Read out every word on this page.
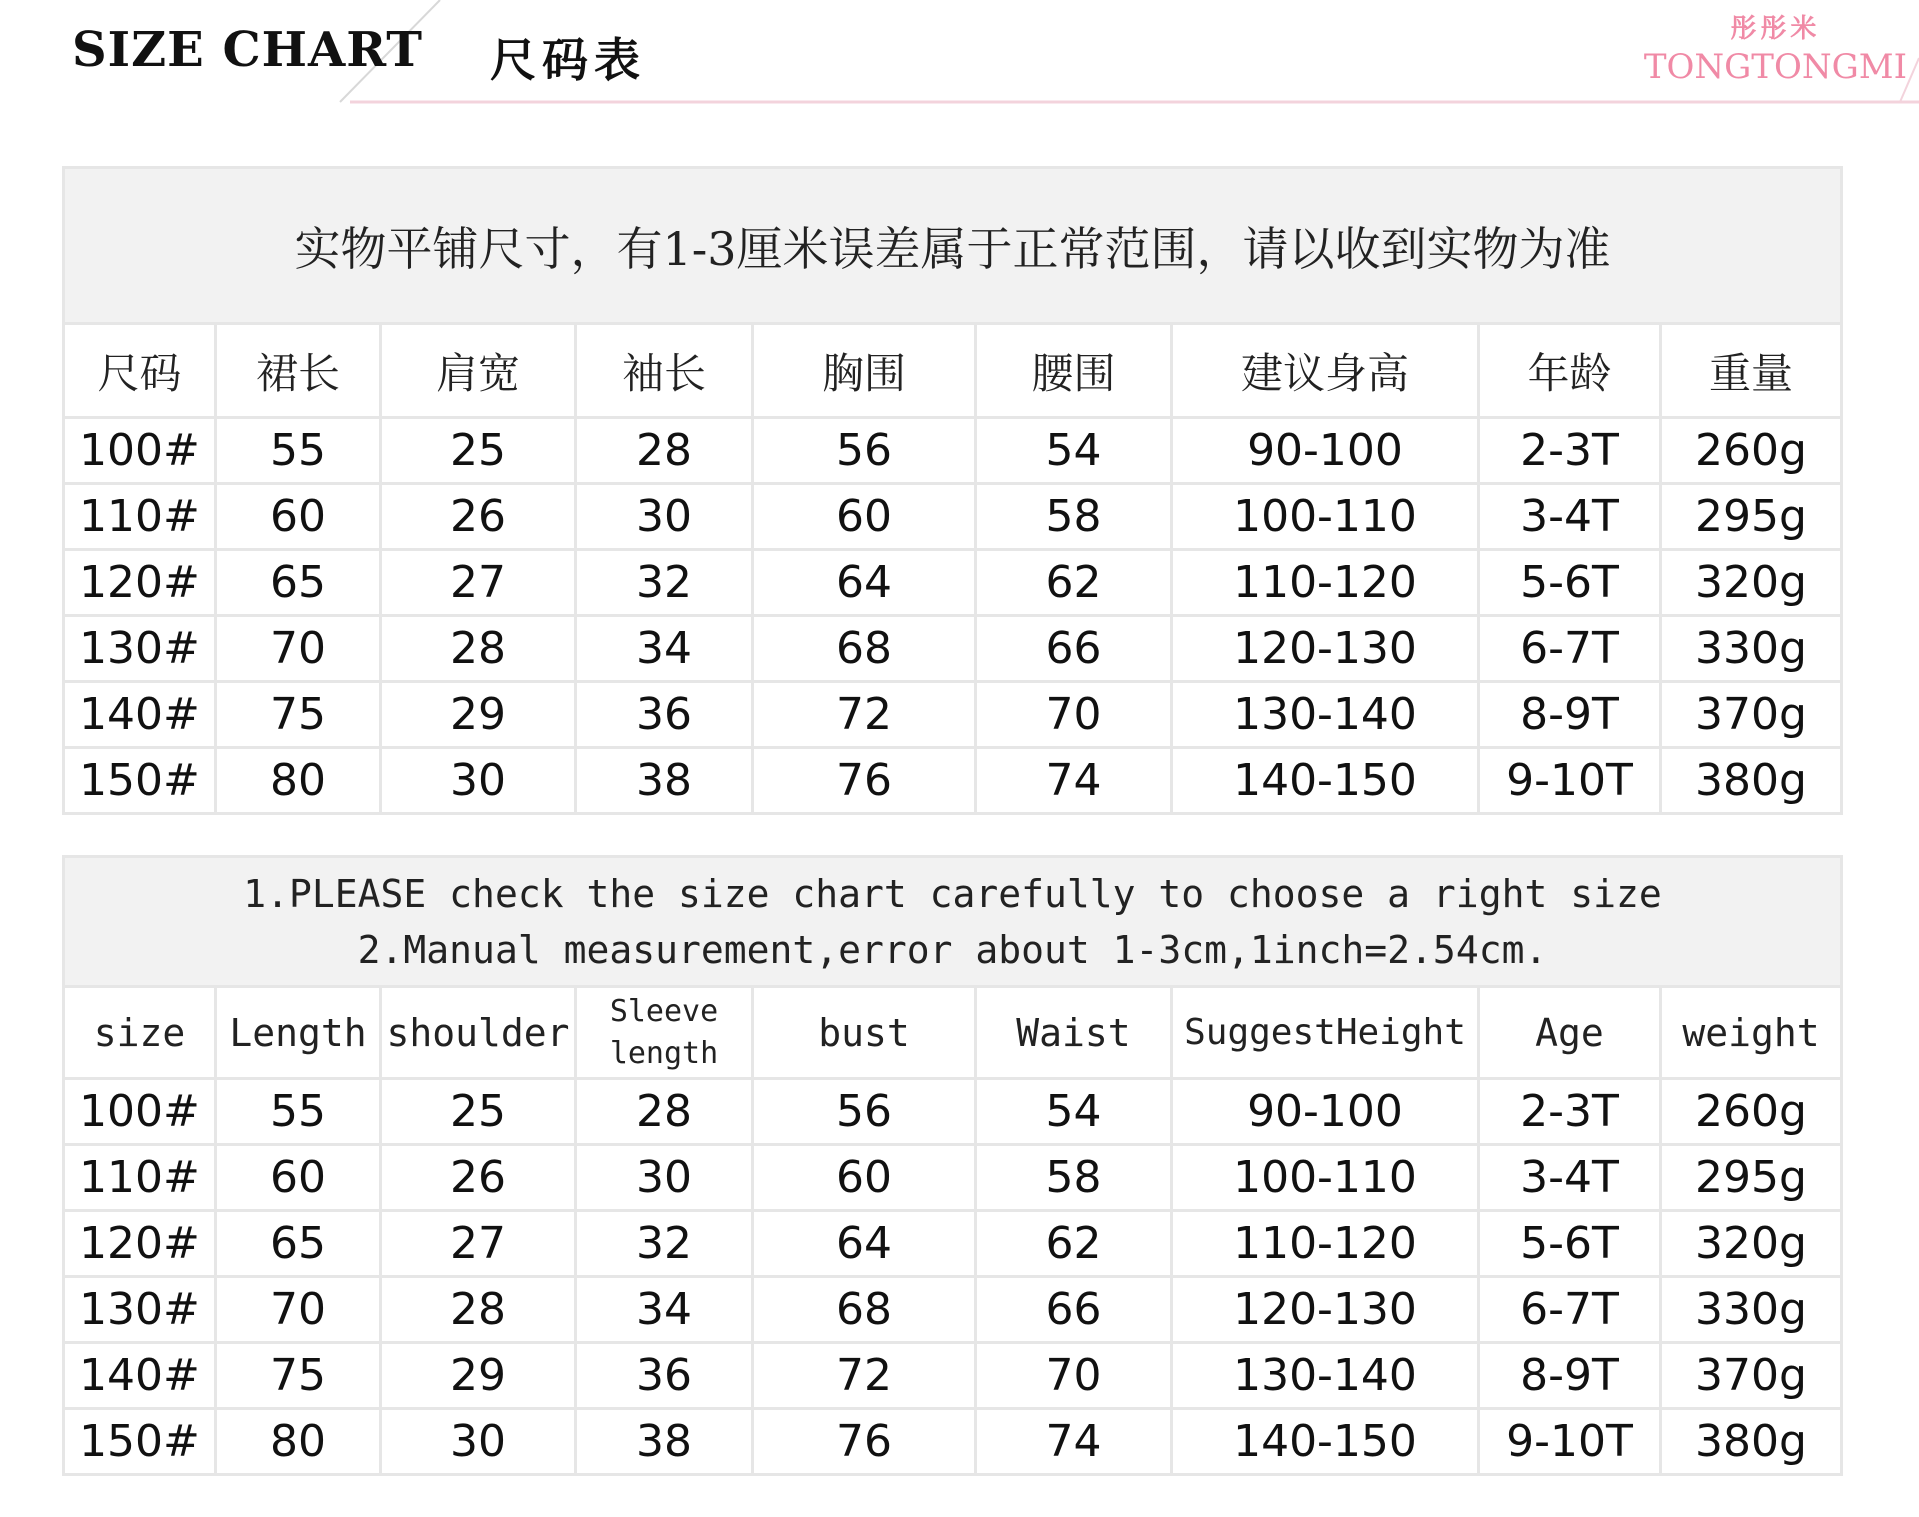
SIZE CHART 尺码表
彤彤米
TONGTONGMI
实物平铺尺寸，有1-3厘米误差属于正常范围，请以收到实物为准								
尺码	裙长	肩宽	袖长	胸围	腰围	建议身高	年龄	重量
100#	55	25	28	56	54	90-100	2-3T	260g
110#	60	26	30	60	58	100-110	3-4T	295g
120#	65	27	32	64	62	110-120	5-6T	320g
130#	70	28	34	68	66	120-130	6-7T	330g
140#	75	29	36	72	70	130-140	8-9T	370g
150#	80	30	38	76	74	140-150	9-10T	380g
1.PLEASE check the size chart carefully to choose a right size
2.Manual measurement,error about 1-3cm,1inch=2.54cm.								

size	Length	shoulder	Sleeve length	bust	Waist	SuggestHeight	Age	weight
100#	55	25	28	56	54	90-100	2-3T	260g
110#	60	26	30	60	58	100-110	3-4T	295g
120#	65	27	32	64	62	110-120	5-6T	320g
130#	70	28	34	68	66	120-130	6-7T	330g
140#	75	29	36	72	70	130-140	8-9T	370g
150#	80	30	38	76	74	140-150	9-10T	380g
